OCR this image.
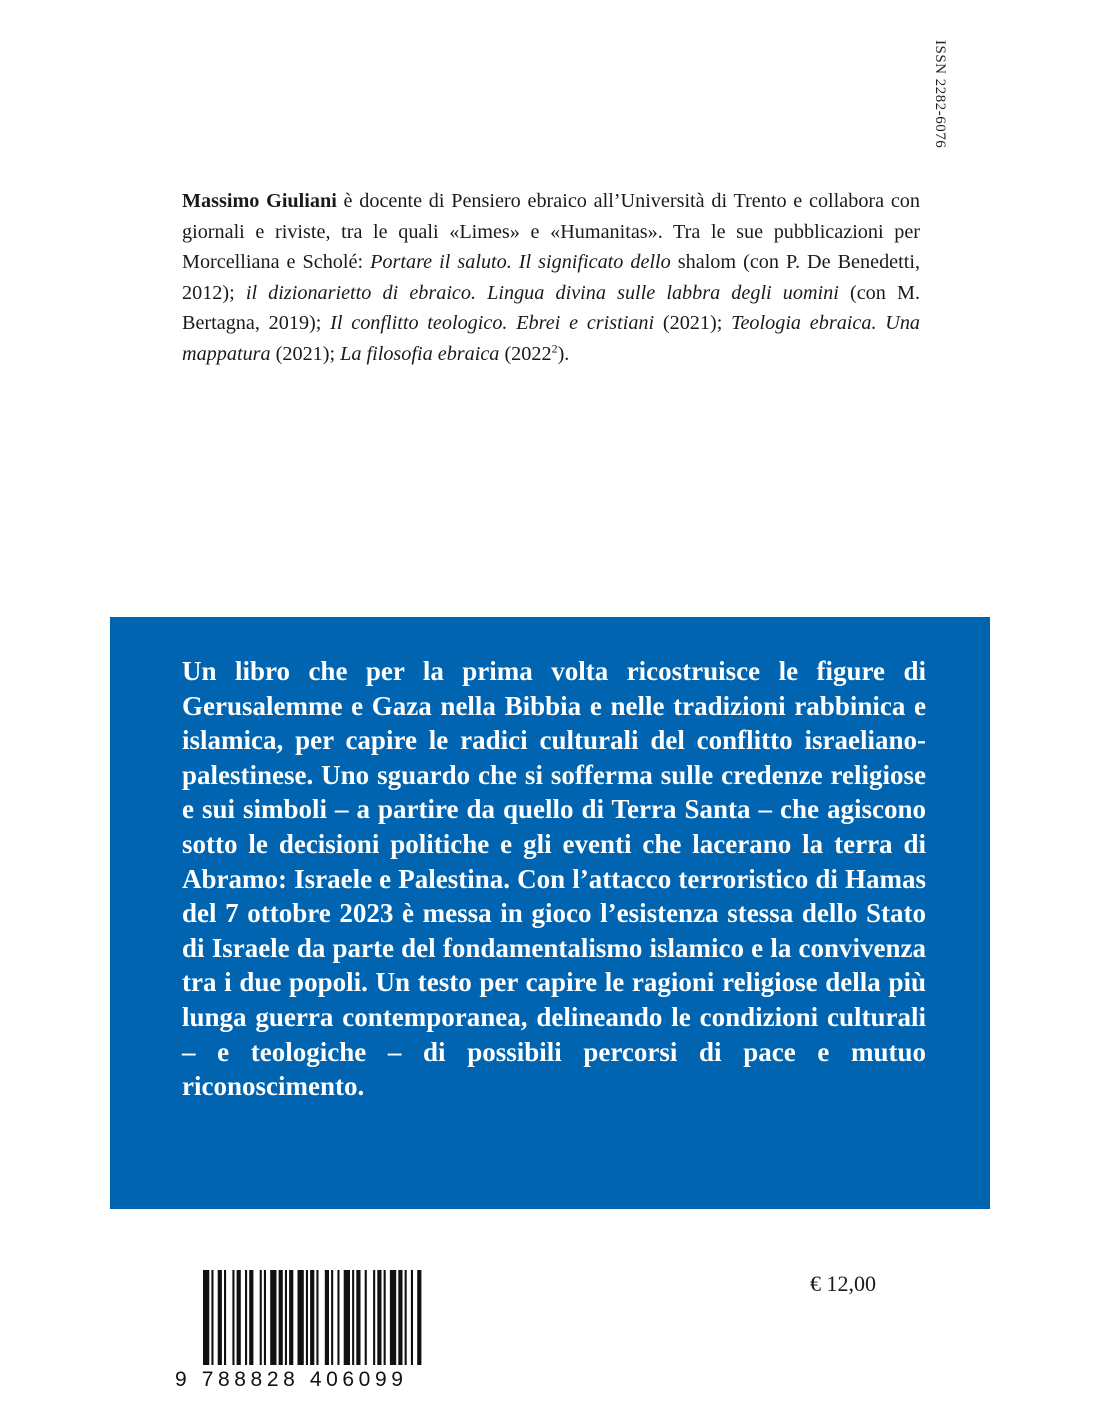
ISSN 2282-6076

Massimo Giuliani è docente di Pensiero ebraico all’Università di Trento e collabora con giornali e riviste, tra le quali «Limes» e «Humanitas». Tra le sue pubblicazioni per Morcelliana e Scholé: Portare il saluto. Il significato dello shalom (con P. De Benedetti, 2012); il dizionarietto di ebraico. Lingua divina sulle labbra degli uomini (con M. Bertagna, 2019); Il conflitto teologico. Ebrei e cristiani (2021); Teologia ebraica. Una mappatura (2021); La filosofia ebraica (2022$^2$).

Un libro che per la prima volta ricostruisce le figure di Gerusalemme e Gaza nella Bibbia e nelle tradizioni rabbinica e islamica, per capire le radici culturali del conflitto israeliano-palestinese. Uno sguardo che si sofferma sulle credenze religiose e sui simboli – a partire da quello di Terra Santa – che agiscono sotto le decisioni politiche e gli eventi che lacerano la terra di Abramo: Israele e Palestina. Con l’attacco terroristico di Hamas del 7 ottobre 2023 è messa in gioco l’esistenza stessa dello Stato di Israele da parte del fondamentalismo islamico e la convivenza tra i due popoli. Un testo per capire le ragioni religiose della più lunga guerra contemporanea, delineando le condizioni culturali – e teologiche – di possibili percorsi di pace e mutuo riconoscimento.

9 788828 406099
€ 12,00
